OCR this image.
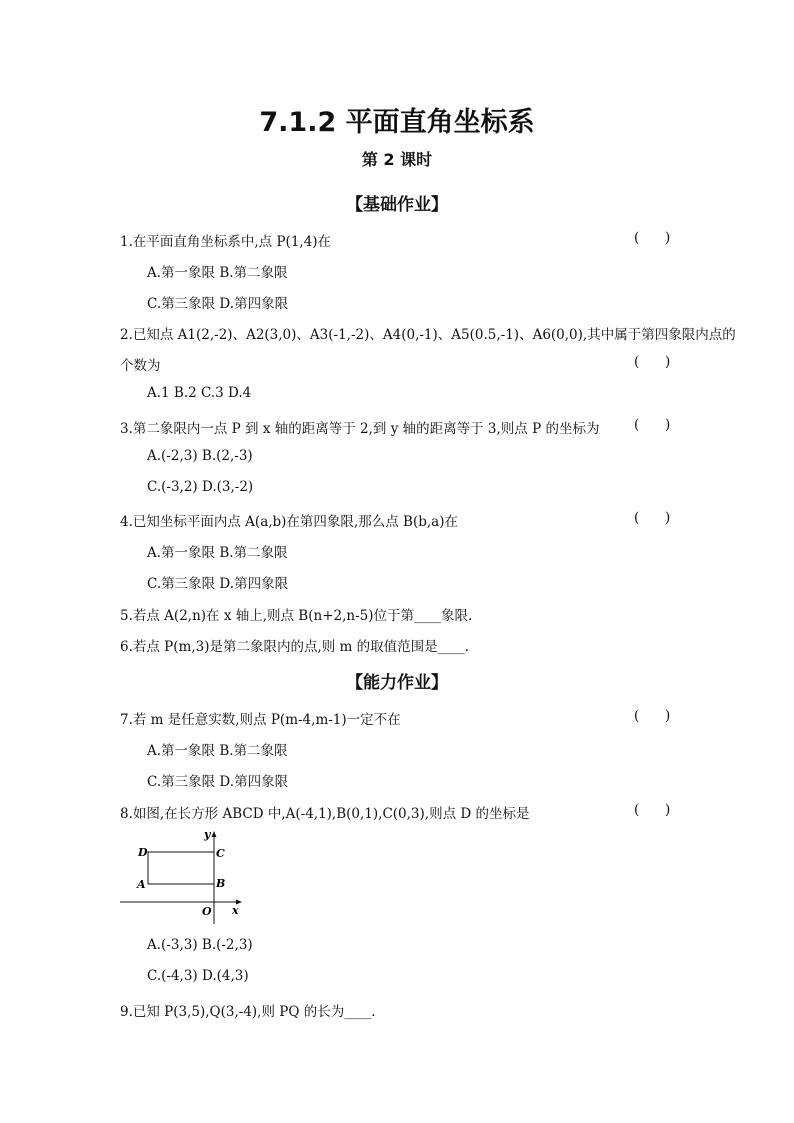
7.1.2 平面直角坐标系
第 2 课时
【基础作业】
1.在平面直角坐标系中,点 P(1,4)在	(      )
A.第一象限 B.第二象限
C.第三象限 D.第四象限
2.已知点 A1(2,-2)、A2(3,0)、A3(-1,-2)、A4(0,-1)、A5(0.5,-1)、A6(0,0),其中属于第四象限内点的
个数为	(      )
A.1 B.2 C.3 D.4
3.第二象限内一点 P 到 x 轴的距离等于 2,到 y 轴的距离等于 3,则点 P 的坐标为	(      )
A.(-2,3) B.(2,-3)
C.(-3,2) D.(3,-2)
4.已知坐标平面内点 A(a,b)在第四象限,那么点 B(b,a)在	(      )
A.第一象限 B.第二象限
C.第三象限 D.第四象限
5.若点 A(2,n)在 x 轴上,则点 B(n+2,n-5)位于第____象限.
6.若点 P(m,3)是第二象限内的点,则 m 的取值范围是____.
【能力作业】
7.若 m 是任意实数,则点 P(m-4,m-1)一定不在	(      )
A.第一象限 B.第二象限
C.第三象限 D.第四象限
8.如图,在长方形 ABCD 中,A(-4,1),B(0,1),C(0,3),则点 D 的坐标是	(      )
y
x
O
A	B
C
D
A.(-3,3) B.(-2,3)
C.(-4,3) D.(4,3)
9.已知 P(3,5),Q(3,-4),则 PQ 的长为____.
